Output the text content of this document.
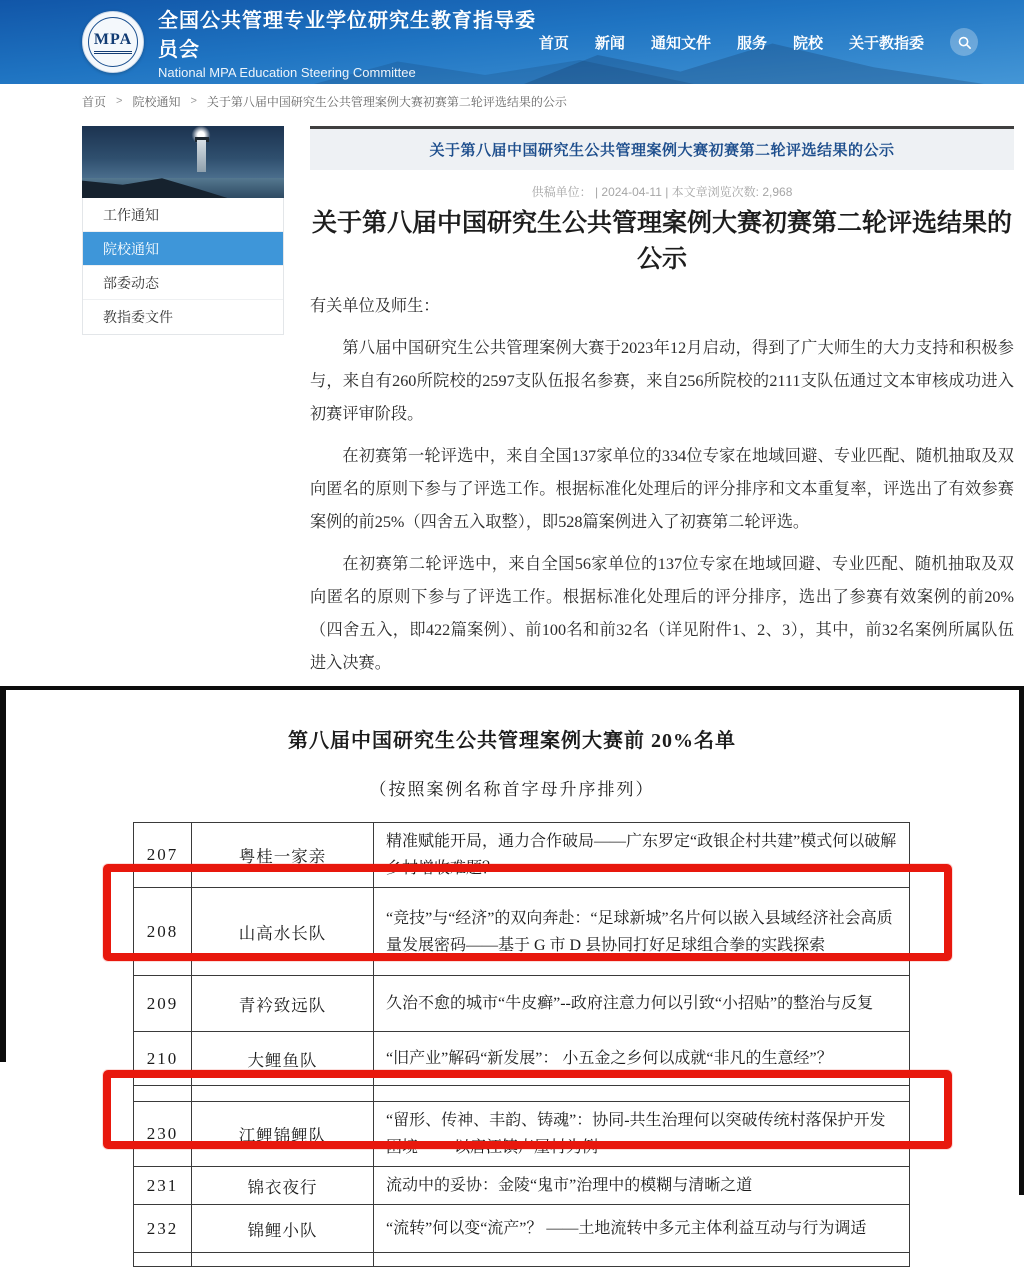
MPA
全国公共管理专业学位研究生教育指导委员会
National MPA Education Steering Committee
首页 新闻 通知文件 服务 院校 关于教指委
首页 > 院校通知 > 关于第八届中国研究生公共管理案例大赛初赛第二轮评选结果的公示
工作通知
院校通知
部委动态
教指委文件
关于第八届中国研究生公共管理案例大赛初赛第二轮评选结果的公示
供稿单位： | 2024-04-11 | 本文章浏览次数: 2,968
关于第八届中国研究生公共管理案例大赛初赛第二轮评选结果的公示

有关单位及师生：

第八届中国研究生公共管理案例大赛于2023年12月启动，得到了广大师生的大力支持和积极参与，来自有260所院校的2597支队伍报名参赛，来自256所院校的2111支队伍通过文本审核成功进入初赛评审阶段。

在初赛第一轮评选中，来自全国137家单位的334位专家在地域回避、专业匹配、随机抽取及双向匿名的原则下参与了评选工作。根据标准化处理后的评分排序和文本重复率，评选出了有效参赛案例的前25%（四舍五入取整），即528篇案例进入了初赛第二轮评选。

在初赛第二轮评选中，来自全国56家单位的137位专家在地域回避、专业匹配、随机抽取及双向匿名的原则下参与了评选工作。根据标准化处理后的评分排序，选出了参赛有效案例的前20%（四舍五入，即422篇案例）、前100名和前32名（详见附件1、2、3），其中，前32名案例所属队伍进入决赛。

第八届中国研究生公共管理案例大赛前 20%名单
（按照案例名称首字母升序排列）
207	粤桂一家亲	精准赋能开局，通力合作破局——广东罗定“政银企村共建”模式何以破解乡村增收难题？
208	山高水长队	“竞技”与“经济”的双向奔赴：“足球新城”名片何以嵌入县域经济社会高质量发展密码——基于 G 市 D 县协同打好足球组合拳的实践探索
209	青衿致远队	久治不愈的城市“牛皮癣”--政府注意力何以引致“小招贴”的整治与反复
210	大鲤鱼队	“旧产业”解码“新发展”： 小五金之乡何以成就“非凡的生意经”？

230	江鲤锦鲤队	“留形、传神、丰韵、铸魂”：协同-共生治理何以突破传统村落保护开发困境 ——以唐江镇卢屋村为例
231	锦衣夜行	流动中的妥协：金陵“鬼市”治理中的模糊与清晰之道
232	锦鲤小队	“流转”何以变“流产”？ ——土地流转中多元主体利益互动与行为调适
